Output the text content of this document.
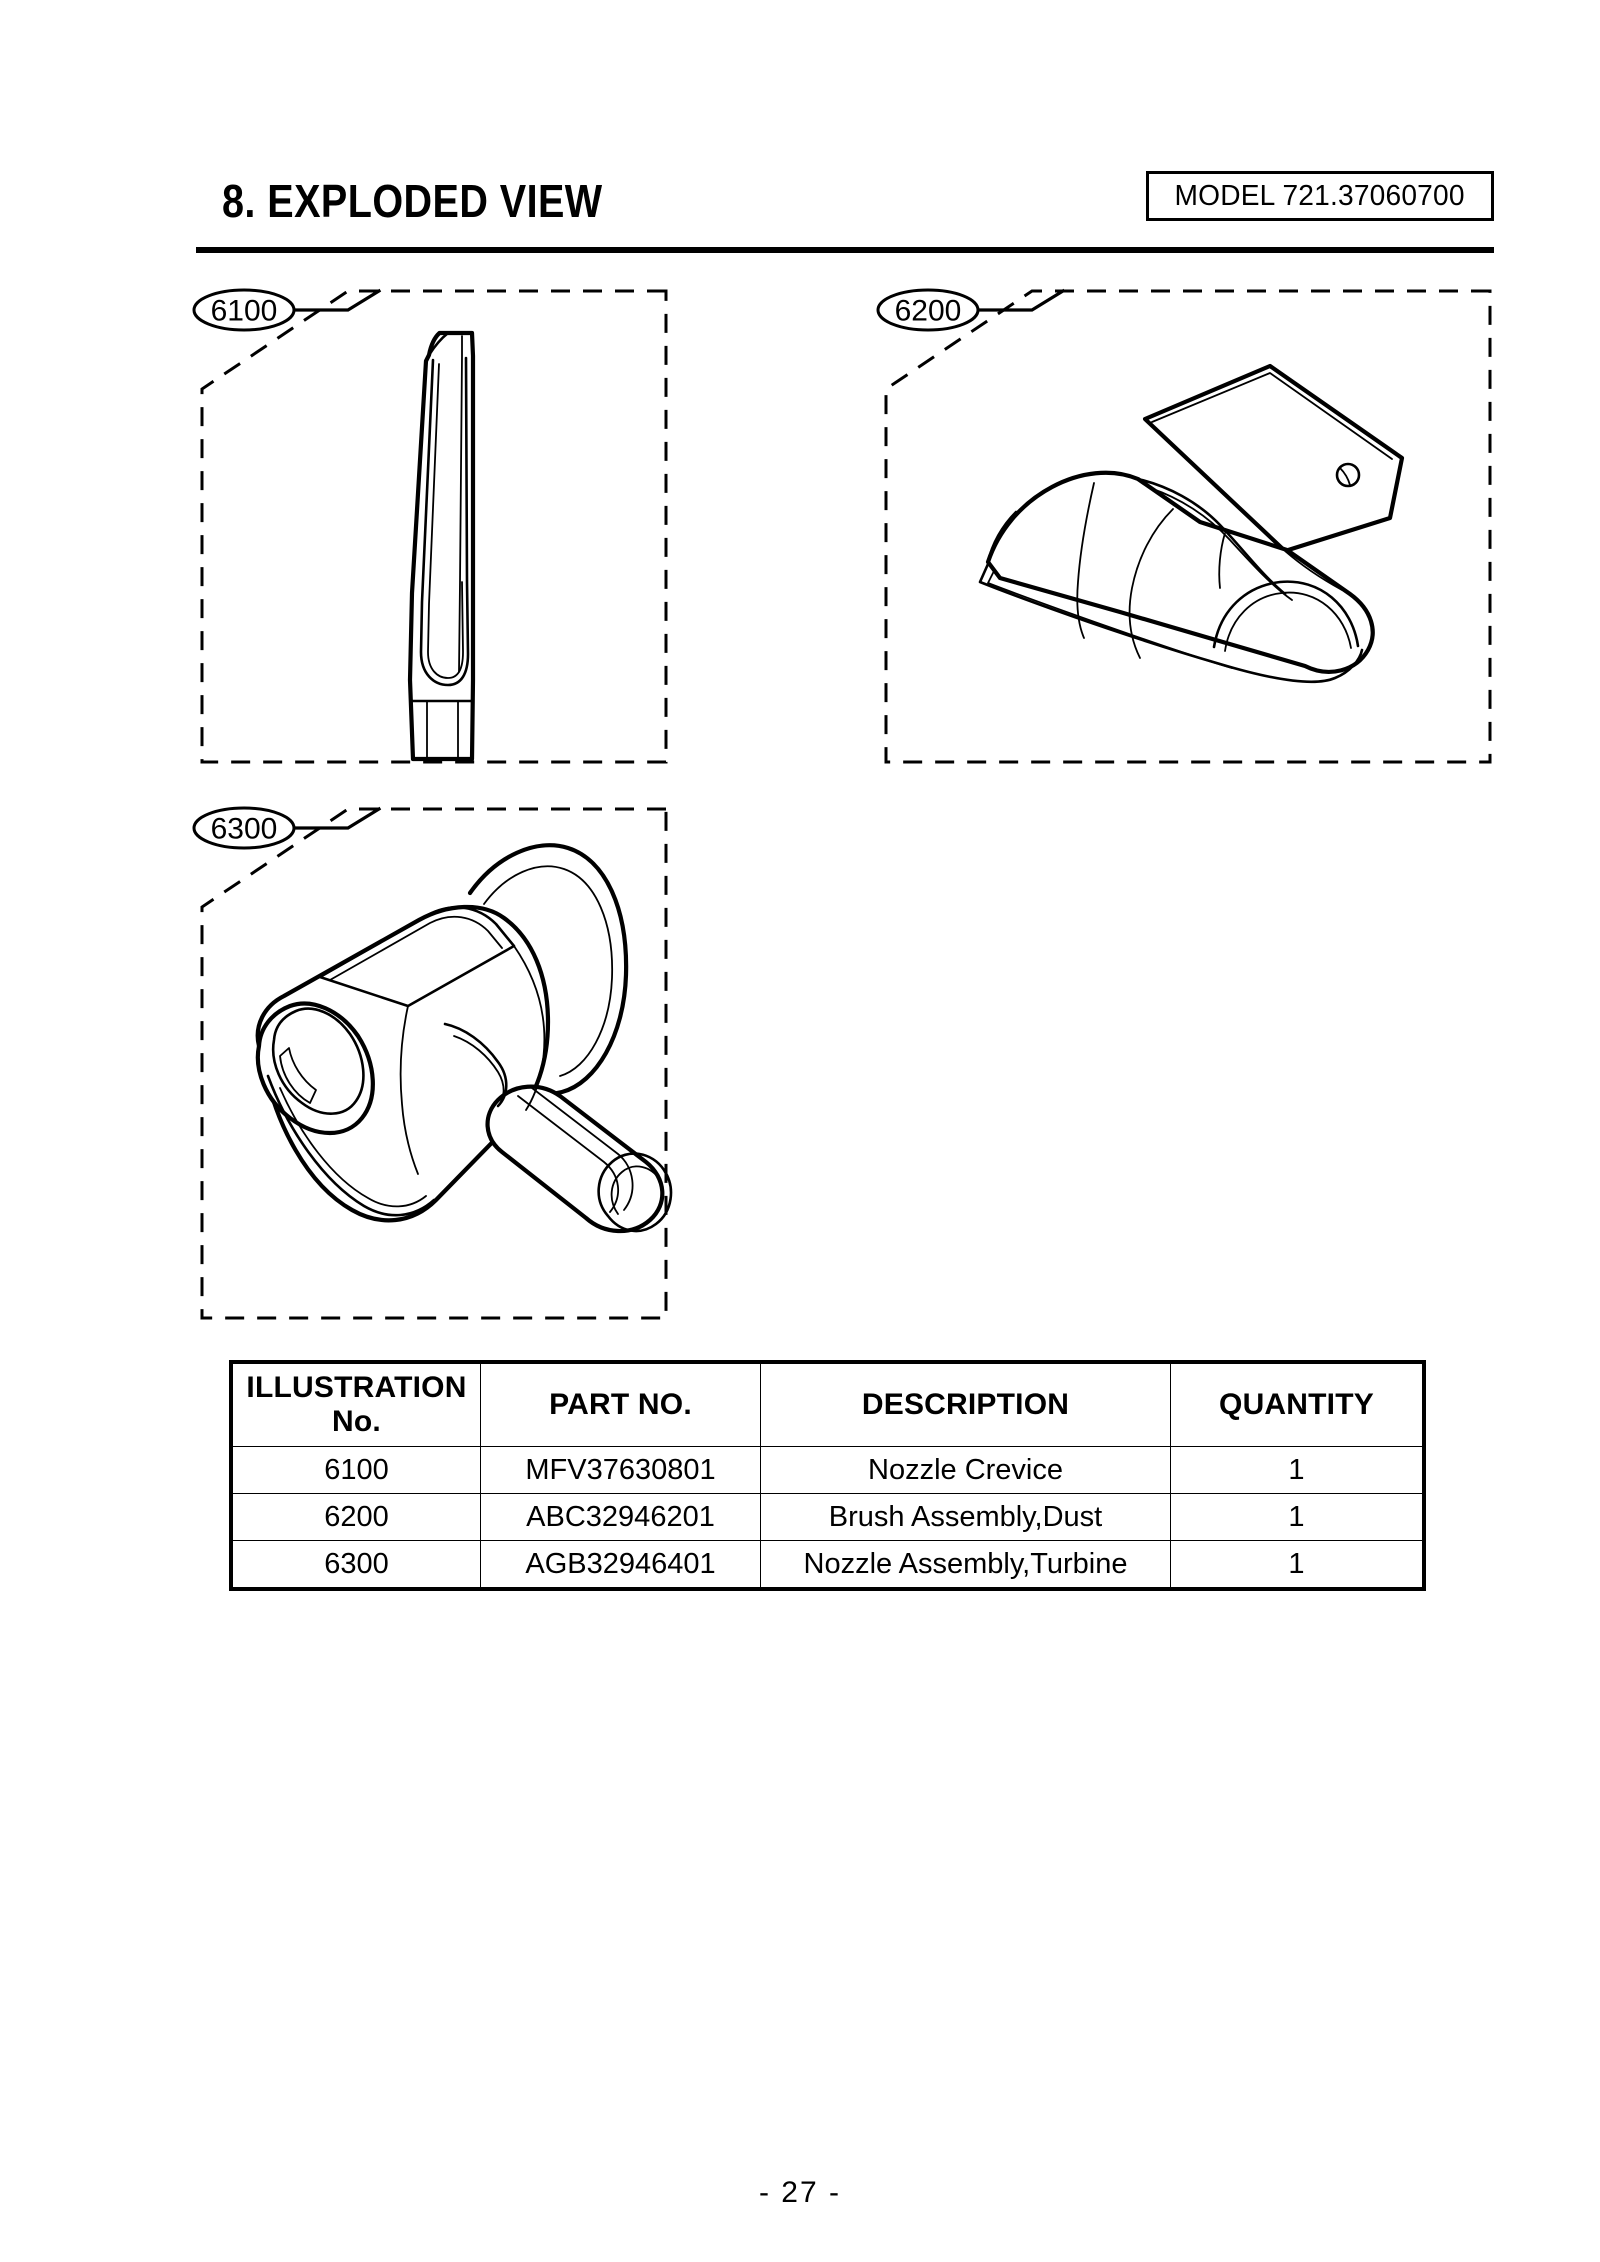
8. EXPLODED VIEW	MODEL 721.37060700
6100	6200
6300
ILLUSTRATION
No.	PART NO.	DESCRIPTION	QUANTITY
6100	MFV37630801	Nozzle Crevice	1
6200	ABC32946201	Brush Assembly,Dust	1
6300	AGB32946401	Nozzle Assembly,Turbine	1
- 27 -
